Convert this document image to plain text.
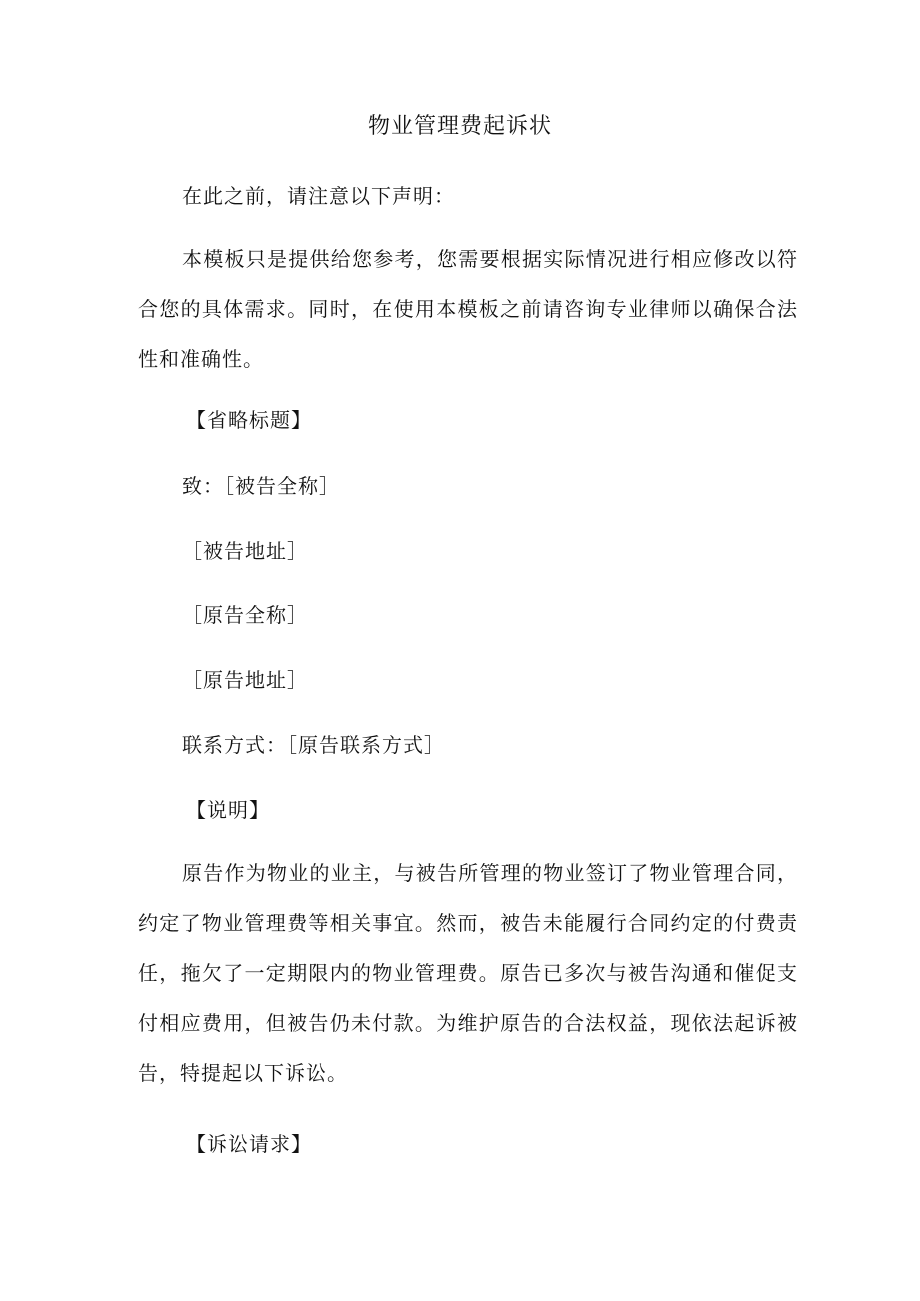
物业管理费起诉状
在此之前，请注意以下声明：
本模板只是提供给您参考，您需要根据实际情况进行相应修改以符合您的具体需求。同时，在使用本模板之前请咨询专业律师以确保合法性和准确性。
【省略标题】
致：［被告全称］
［被告地址］
［原告全称］
［原告地址］
联系方式：［原告联系方式］
【说明】
原告作为物业的业主，与被告所管理的物业签订了物业管理合同，约定了物业管理费等相关事宜。然而，被告未能履行合同约定的付费责任，拖欠了一定期限内的物业管理费。原告已多次与被告沟通和催促支付相应费用，但被告仍未付款。为维护原告的合法权益，现依法起诉被告，特提起以下诉讼。
【诉讼请求】
